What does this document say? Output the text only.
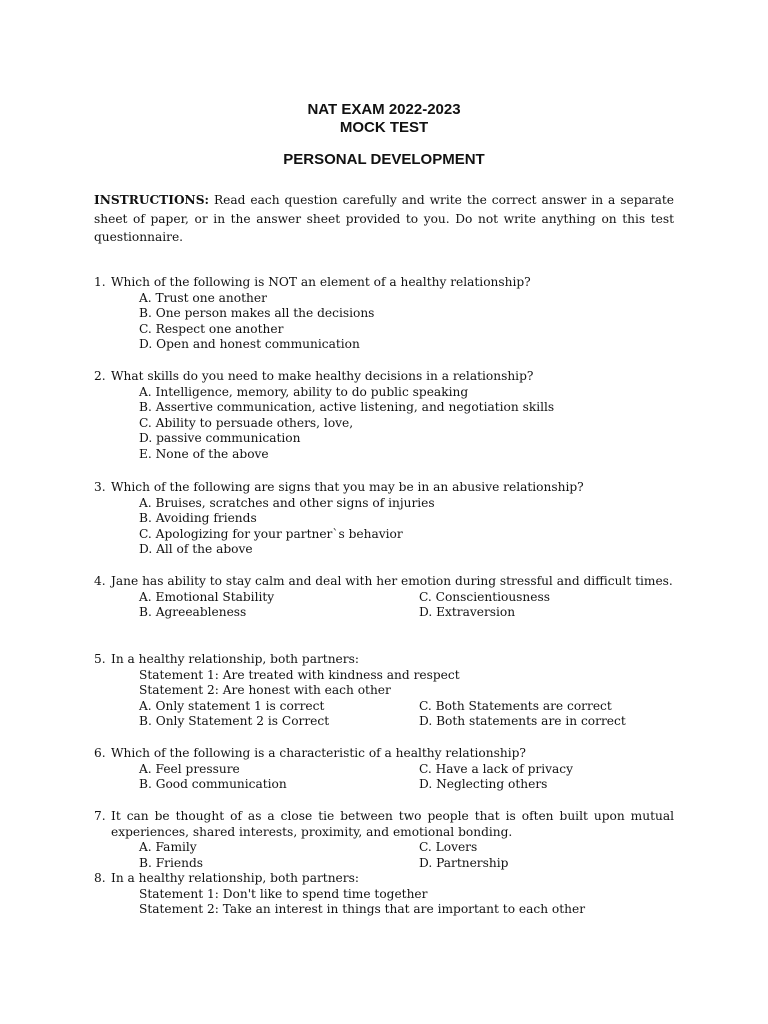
NAT EXAM 2022-2023
MOCK TEST
PERSONAL DEVELOPMENT
INSTRUCTIONS: Read each question carefully and write the correct answer in a separate sheet of paper, or in the answer sheet provided to you. Do not write anything on this test questionnaire.
1. Which of the following is NOT an element of a healthy relationship?
A. Trust one another
B. One person makes all the decisions
C. Respect one another
D. Open and honest communication
2. What skills do you need to make healthy decisions in a relationship?
A. Intelligence, memory, ability to do public speaking
B. Assertive communication, active listening, and negotiation skills
C. Ability to persuade others, love,
D. passive communication
E. None of the above
3. Which of the following are signs that you may be in an abusive relationship?
A. Bruises, scratches and other signs of injuries
B. Avoiding friends
C. Apologizing for your partner`s behavior
D. All of the above
4. Jane has ability to stay calm and deal with her emotion during stressful and difficult times.
A. Emotional Stability	C. Conscientiousness
B. Agreeableness	D. Extraversion
5. In a healthy relationship, both partners:
Statement 1: Are treated with kindness and respect
Statement 2: Are honest with each other
A. Only statement 1 is correct	C. Both Statements are correct
B. Only Statement 2 is Correct	D. Both statements are in correct
6. Which of the following is a characteristic of a healthy relationship?
A. Feel pressure	C. Have a lack of privacy
B. Good communication	D. Neglecting others
7. It can be thought of as a close tie between two people that is often built upon mutual experiences, shared interests, proximity, and emotional bonding.
A. Family	C. Lovers
B. Friends	D. Partnership
8. In a healthy relationship, both partners:
Statement 1: Don't like to spend time together
Statement 2: Take an interest in things that are important to each other
